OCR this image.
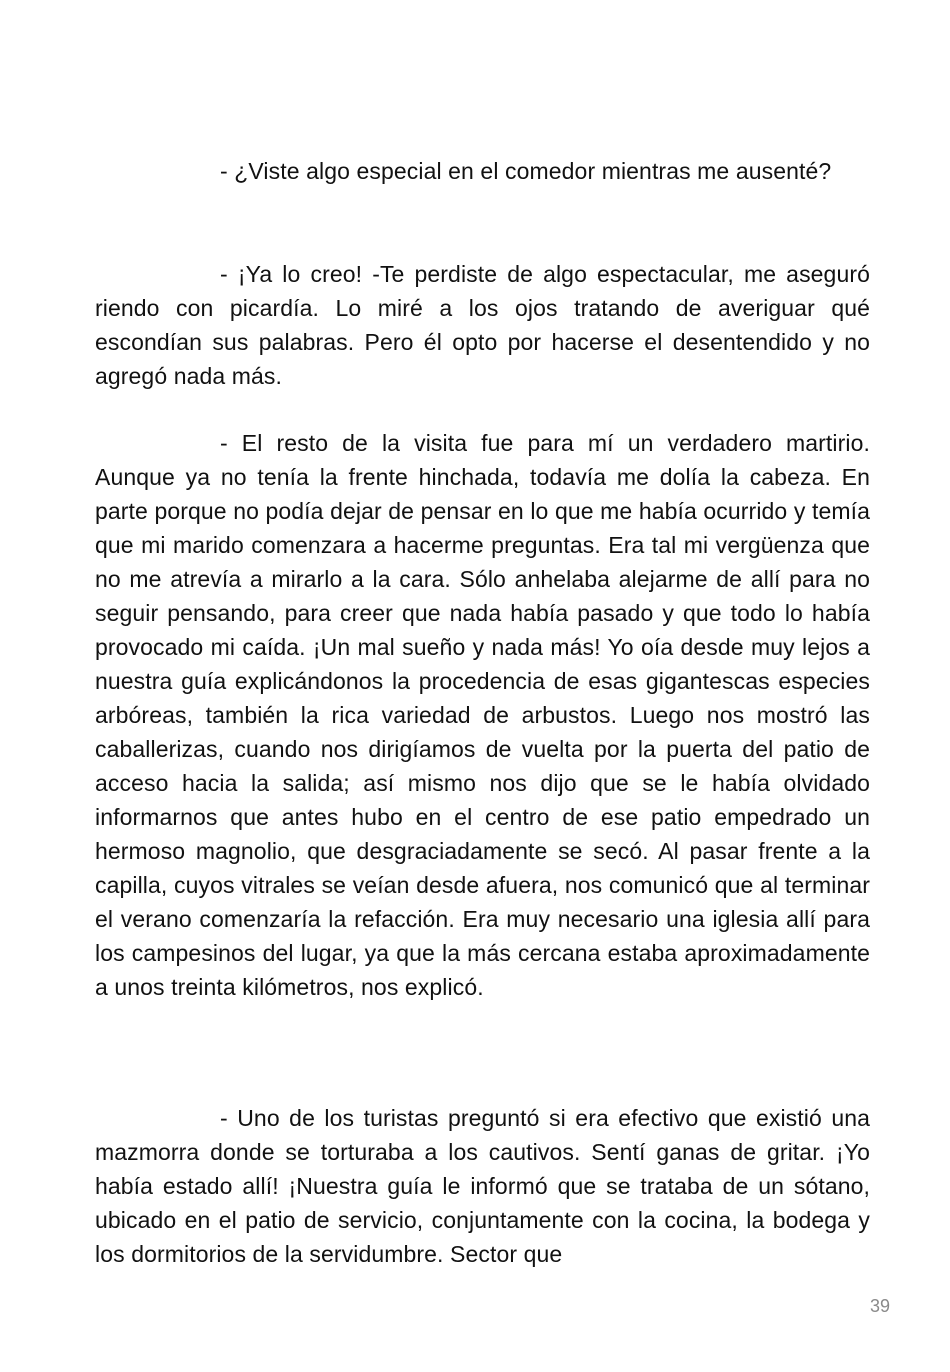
- ¿Viste algo especial en el comedor mientras me ausenté?

- ¡Ya lo creo! -Te perdiste de algo espectacular, me aseguró riendo con picardía. Lo miré a los ojos tratando de averiguar qué escondían sus palabras. Pero él opto por hacerse el desentendido y no agregó nada más.

- El resto de la visita fue para mí un verdadero martirio. Aunque ya no tenía la frente hinchada, todavía me dolía la cabeza. En parte porque no podía dejar de pensar en lo que me había ocurrido y temía que mi marido comenzara a hacerme preguntas. Era tal mi vergüenza que no me atrevía a mirarlo a la cara. Sólo anhelaba alejarme de allí para no seguir pensando, para creer que nada había pasado y que todo lo había provocado mi caída. ¡Un mal sueño y nada más! Yo oía desde muy lejos a nuestra guía explicándonos la procedencia de esas gigantescas especies arbóreas, también la rica variedad de arbustos. Luego nos mostró las caballerizas, cuando nos dirigíamos de vuelta por la puerta del patio de acceso hacia la salida; así mismo nos dijo que se le había olvidado informarnos que antes hubo en el centro de ese patio empedrado un hermoso magnolio, que desgraciadamente se secó. Al pasar frente a la capilla, cuyos vitrales se veían desde afuera, nos comunicó que al terminar el verano comenzaría la refacción. Era muy necesario una iglesia allí para los campesinos del lugar, ya que la más cercana estaba aproximadamente a unos treinta kilómetros, nos explicó.

- Uno de los turistas preguntó si era efectivo que existió una mazmorra donde se torturaba a los cautivos. Sentí ganas de gritar. ¡Yo había estado allí! ¡Nuestra guía le informó que se trataba de un sótano, ubicado en el patio de servicio, conjuntamente con la cocina, la bodega y los dormitorios de la servidumbre. Sector que

39
